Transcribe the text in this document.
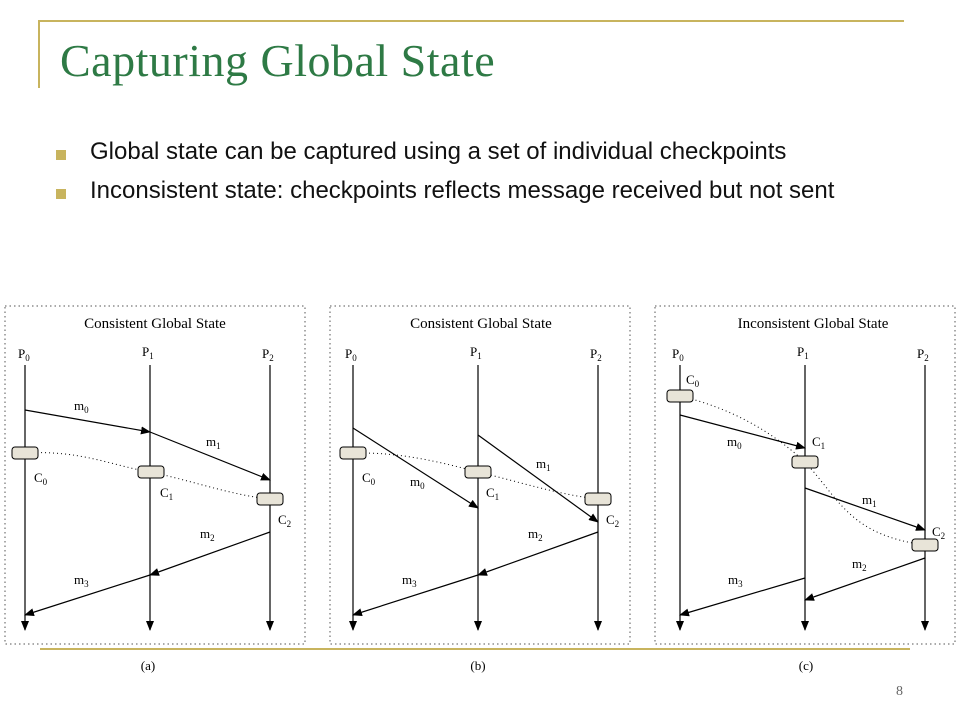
Capturing Global State
Global state can be captured using a set of individual checkpoints
Inconsistent state: checkpoints reflects message received but not sent
Consistent Global State
$P_0$	$P_1$	$P_2$
$C_0$
$C_1$
$C_2$
$m_0$
$m_1$
$m_2$
$m_3$
(a)
Consistent Global State
$P_0$	$P_1$	$P_2$
$C_0$
$C_1$
$C_2$
$m_0$
$m_1$
$m_2$
$m_3$
(b)
Inconsistent Global State
$P_0$	$P_1$	$P_2$
$C_0$
$C_1$
$C_2$
$m_0$
$m_1$
$m_2$
$m_3$
(c)
8
